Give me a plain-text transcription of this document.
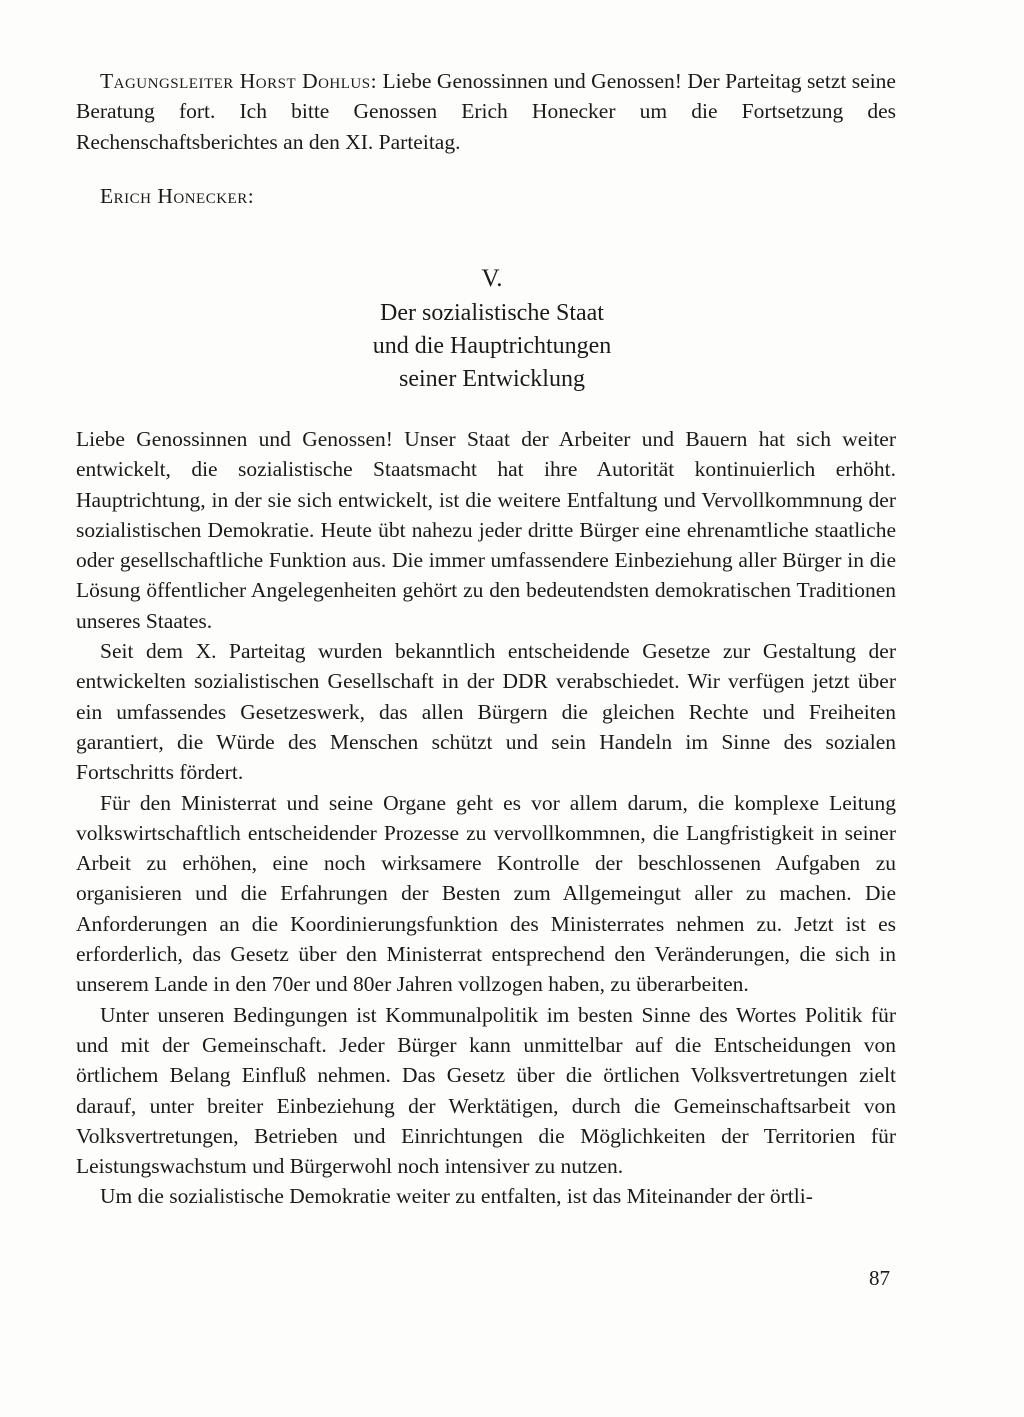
Tagungsleiter Horst Dohlus: Liebe Genossinnen und Genossen! Der Parteitag setzt seine Beratung fort. Ich bitte Genossen Erich Honecker um die Fortsetzung des Rechenschaftsberichtes an den XI. Parteitag.
Erich Honecker:
V.
Der sozialistische Staat
und die Hauptrichtungen
seiner Entwicklung

Liebe Genossinnen und Genossen! Unser Staat der Arbeiter und Bauern hat sich weiter entwickelt, die sozialistische Staatsmacht hat ihre Autorität kontinuierlich erhöht. Hauptrichtung, in der sie sich entwickelt, ist die weitere Entfaltung und Vervollkommnung der sozialistischen Demokratie. Heute übt nahezu jeder dritte Bürger eine ehrenamtliche staatliche oder gesellschaftliche Funktion aus. Die immer umfassendere Einbeziehung aller Bürger in die Lösung öffentlicher Angelegenheiten gehört zu den bedeutendsten demokratischen Traditionen unseres Staates.

Seit dem X. Parteitag wurden bekanntlich entscheidende Gesetze zur Gestaltung der entwickelten sozialistischen Gesellschaft in der DDR verabschiedet. Wir verfügen jetzt über ein umfassendes Gesetzeswerk, das allen Bürgern die gleichen Rechte und Freiheiten garantiert, die Würde des Menschen schützt und sein Handeln im Sinne des sozialen Fortschritts fördert.

Für den Ministerrat und seine Organe geht es vor allem darum, die komplexe Leitung volkswirtschaftlich entscheidender Prozesse zu vervollkommnen, die Langfristigkeit in seiner Arbeit zu erhöhen, eine noch wirksamere Kontrolle der beschlossenen Aufgaben zu organisieren und die Erfahrungen der Besten zum Allgemeingut aller zu machen. Die Anforderungen an die Koordinierungsfunktion des Ministerrates nehmen zu. Jetzt ist es erforderlich, das Gesetz über den Ministerrat entsprechend den Veränderungen, die sich in unserem Lande in den 70er und 80er Jahren vollzogen haben, zu überarbeiten.

Unter unseren Bedingungen ist Kommunalpolitik im besten Sinne des Wortes Politik für und mit der Gemeinschaft. Jeder Bürger kann unmittelbar auf die Entscheidungen von örtlichem Belang Einfluß nehmen. Das Gesetz über die örtlichen Volksvertretungen zielt darauf, unter breiter Einbeziehung der Werktätigen, durch die Gemeinschaftsarbeit von Volksvertretungen, Betrieben und Einrichtungen die Möglichkeiten der Territorien für Leistungswachstum und Bürgerwohl noch intensiver zu nutzen.

Um die sozialistische Demokratie weiter zu entfalten, ist das Miteinander der örtli-

87
